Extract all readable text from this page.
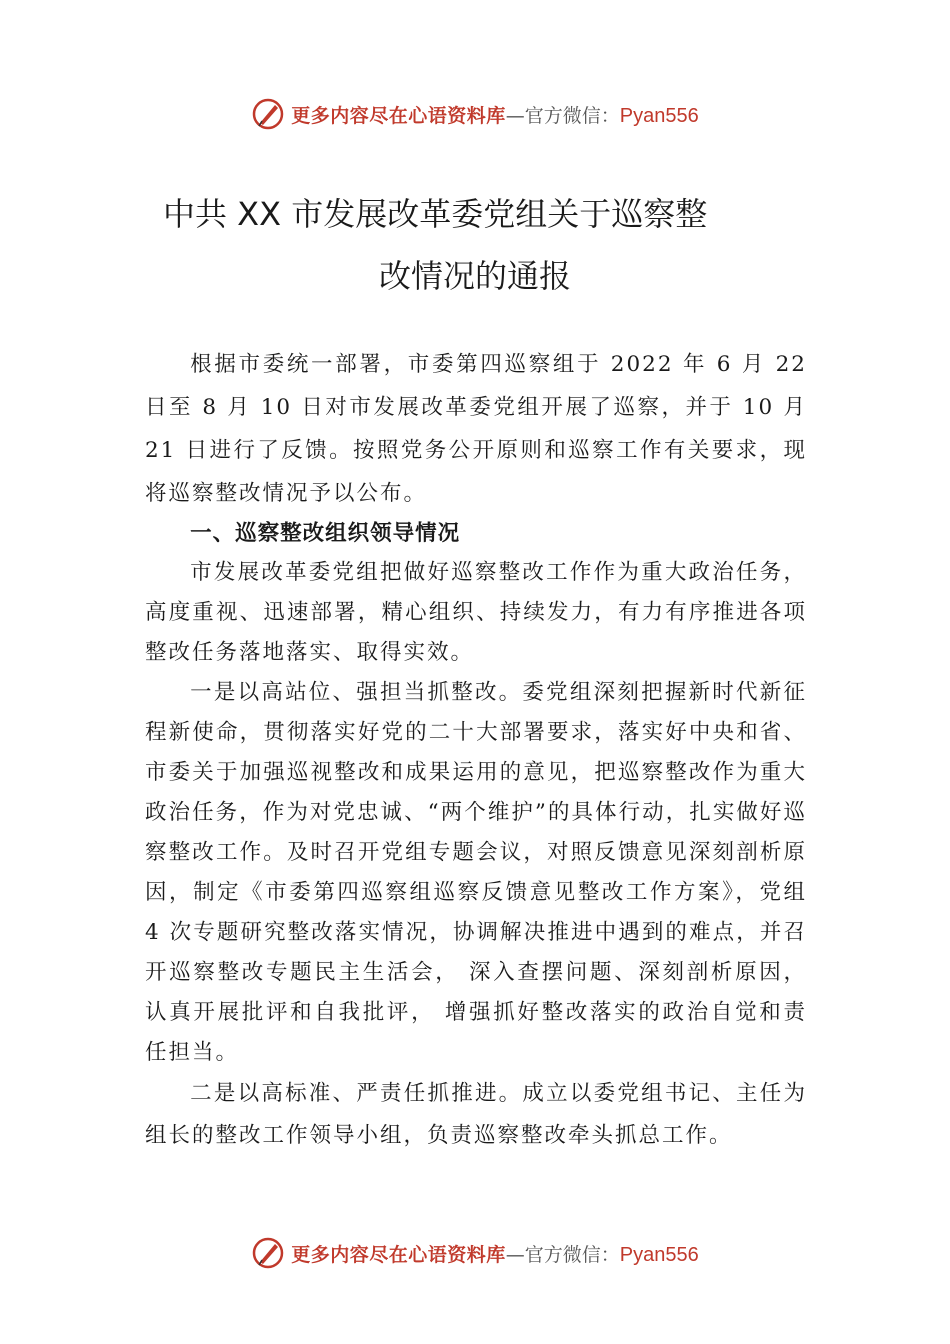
更多内容尽在心语资料库 — 官方微信： Pyan556
中共 XX 市发展改革委党组关于巡察整
改情况的通报

根据市委统一部署，市委第四巡察组于 2022 年 6 月 22 日至 8 月 10 日对市发展改革委党组开展了巡察，并于 10 月 21 日进行了反馈。按照党务公开原则和巡察工作有关要求，现将巡察整改情况予以公布。

一、巡察整改组织领导情况

市发展改革委党组把做好巡察整改工作作为重大政治任务，高度重视、迅速部署，精心组织、持续发力，有力有序推进各项整改任务落地落实、取得实效。

一是以高站位、强担当抓整改。委党组深刻把握新时代新征程新使命，贯彻落实好党的二十大部署要求，落实好中央和省、市委关于加强巡视整改和成果运用的意见，把巡察整改作为重大政治任务，作为对党忠诚、“两个维护”的具体行动，扎实做好巡察整改工作。及时召开党组专题会议，对照反馈意见深刻剖析原因，制定《市委第四巡察组巡察反馈意见整改工作方案》，党组 4 次专题研究整改落实情况，协调解决推进中遇到的难点，并召开巡察整改专题民主生活会， 深入查摆问题、深刻剖析原因，认真开展批评和自我批评， 增强抓好整改落实的政治自觉和责任担当。

二是以高标准、严责任抓推进。成立以委党组书记、主任为组长的整改工作领导小组，负责巡察整改牵头抓总工作。

更多内容尽在心语资料库 — 官方微信： Pyan556
